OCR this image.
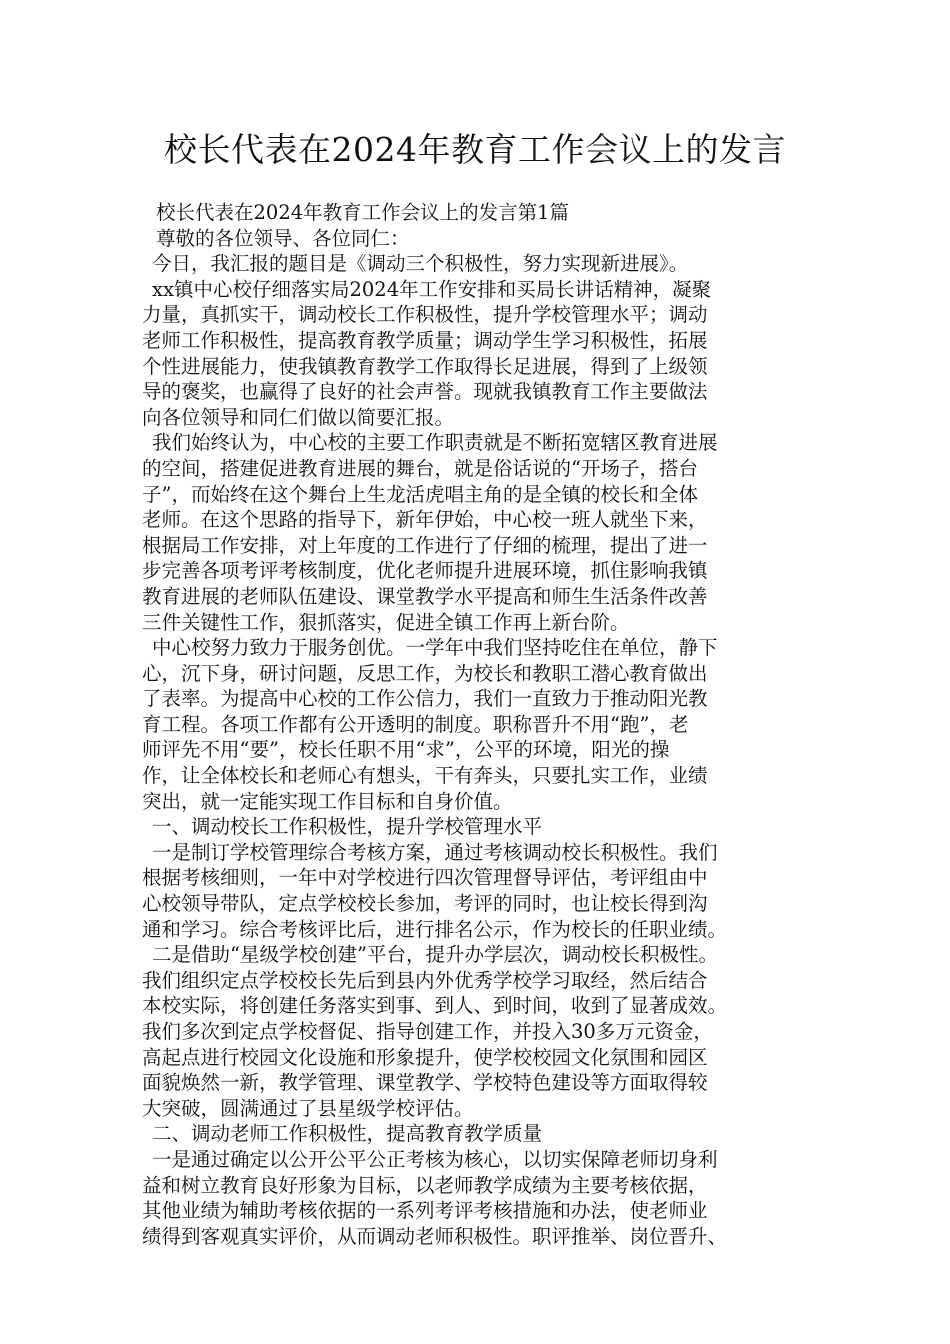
校长代表在2024年教育工作会议上的发言
校长代表在2024年教育工作会议上的发言第1篇
尊敬的各位领导、各位同仁：
今日，我汇报的题目是《调动三个积极性，努力实现新进展》。
xx镇中心校仔细落实局2024年工作安排和买局长讲话精神，凝聚
力量，真抓实干，调动校长工作积极性，提升学校管理水平；调动
老师工作积极性，提高教育教学质量；调动学生学习积极性，拓展
个性进展能力，使我镇教育教学工作取得长足进展，得到了上级领
导的褒奖，也赢得了良好的社会声誉。现就我镇教育工作主要做法
向各位领导和同仁们做以简要汇报。
我们始终认为，中心校的主要工作职责就是不断拓宽辖区教育进展
的空间，搭建促进教育进展的舞台，就是俗话说的“开场子，搭台
子”，而始终在这个舞台上生龙活虎唱主角的是全镇的校长和全体
老师。在这个思路的指导下，新年伊始，中心校一班人就坐下来，
根据局工作安排，对上年度的工作进行了仔细的梳理，提出了进一
步完善各项考评考核制度，优化老师提升进展环境，抓住影响我镇
教育进展的老师队伍建设、课堂教学水平提高和师生生活条件改善
三件关键性工作，狠抓落实，促进全镇工作再上新台阶。
中心校努力致力于服务创优。一学年中我们坚持吃住在单位，静下
心，沉下身，研讨问题，反思工作，为校长和教职工潜心教育做出
了表率。为提高中心校的工作公信力，我们一直致力于推动阳光教
育工程。各项工作都有公开透明的制度。职称晋升不用“跑”，老
师评先不用“要”，校长任职不用“求”，公平的环境，阳光的操
作，让全体校长和老师心有想头，干有奔头，只要扎实工作，业绩
突出，就一定能实现工作目标和自身价值。
一、调动校长工作积极性，提升学校管理水平
一是制订学校管理综合考核方案，通过考核调动校长积极性。我们
根据考核细则，一年中对学校进行四次管理督导评估，考评组由中
心校领导带队，定点学校校长参加，考评的同时，也让校长得到沟
通和学习。综合考核评比后，进行排名公示，作为校长的任职业绩。
二是借助“星级学校创建”平台，提升办学层次，调动校长积极性。
我们组织定点学校校长先后到县内外优秀学校学习取经，然后结合
本校实际，将创建任务落实到事、到人、到时间，收到了显著成效。
我们多次到定点学校督促、指导创建工作，并投入30多万元资金，
高起点进行校园文化设施和形象提升，使学校校园文化氛围和园区
面貌焕然一新，教学管理、课堂教学、学校特色建设等方面取得较
大突破，圆满通过了县星级学校评估。
二、调动老师工作积极性，提高教育教学质量
一是通过确定以公开公平公正考核为核心，以切实保障老师切身利
益和树立教育良好形象为目标，以老师教学成绩为主要考核依据，
其他业绩为辅助考核依据的一系列考评考核措施和办法，使老师业
绩得到客观真实评价，从而调动老师积极性。职评推举、岗位晋升、
